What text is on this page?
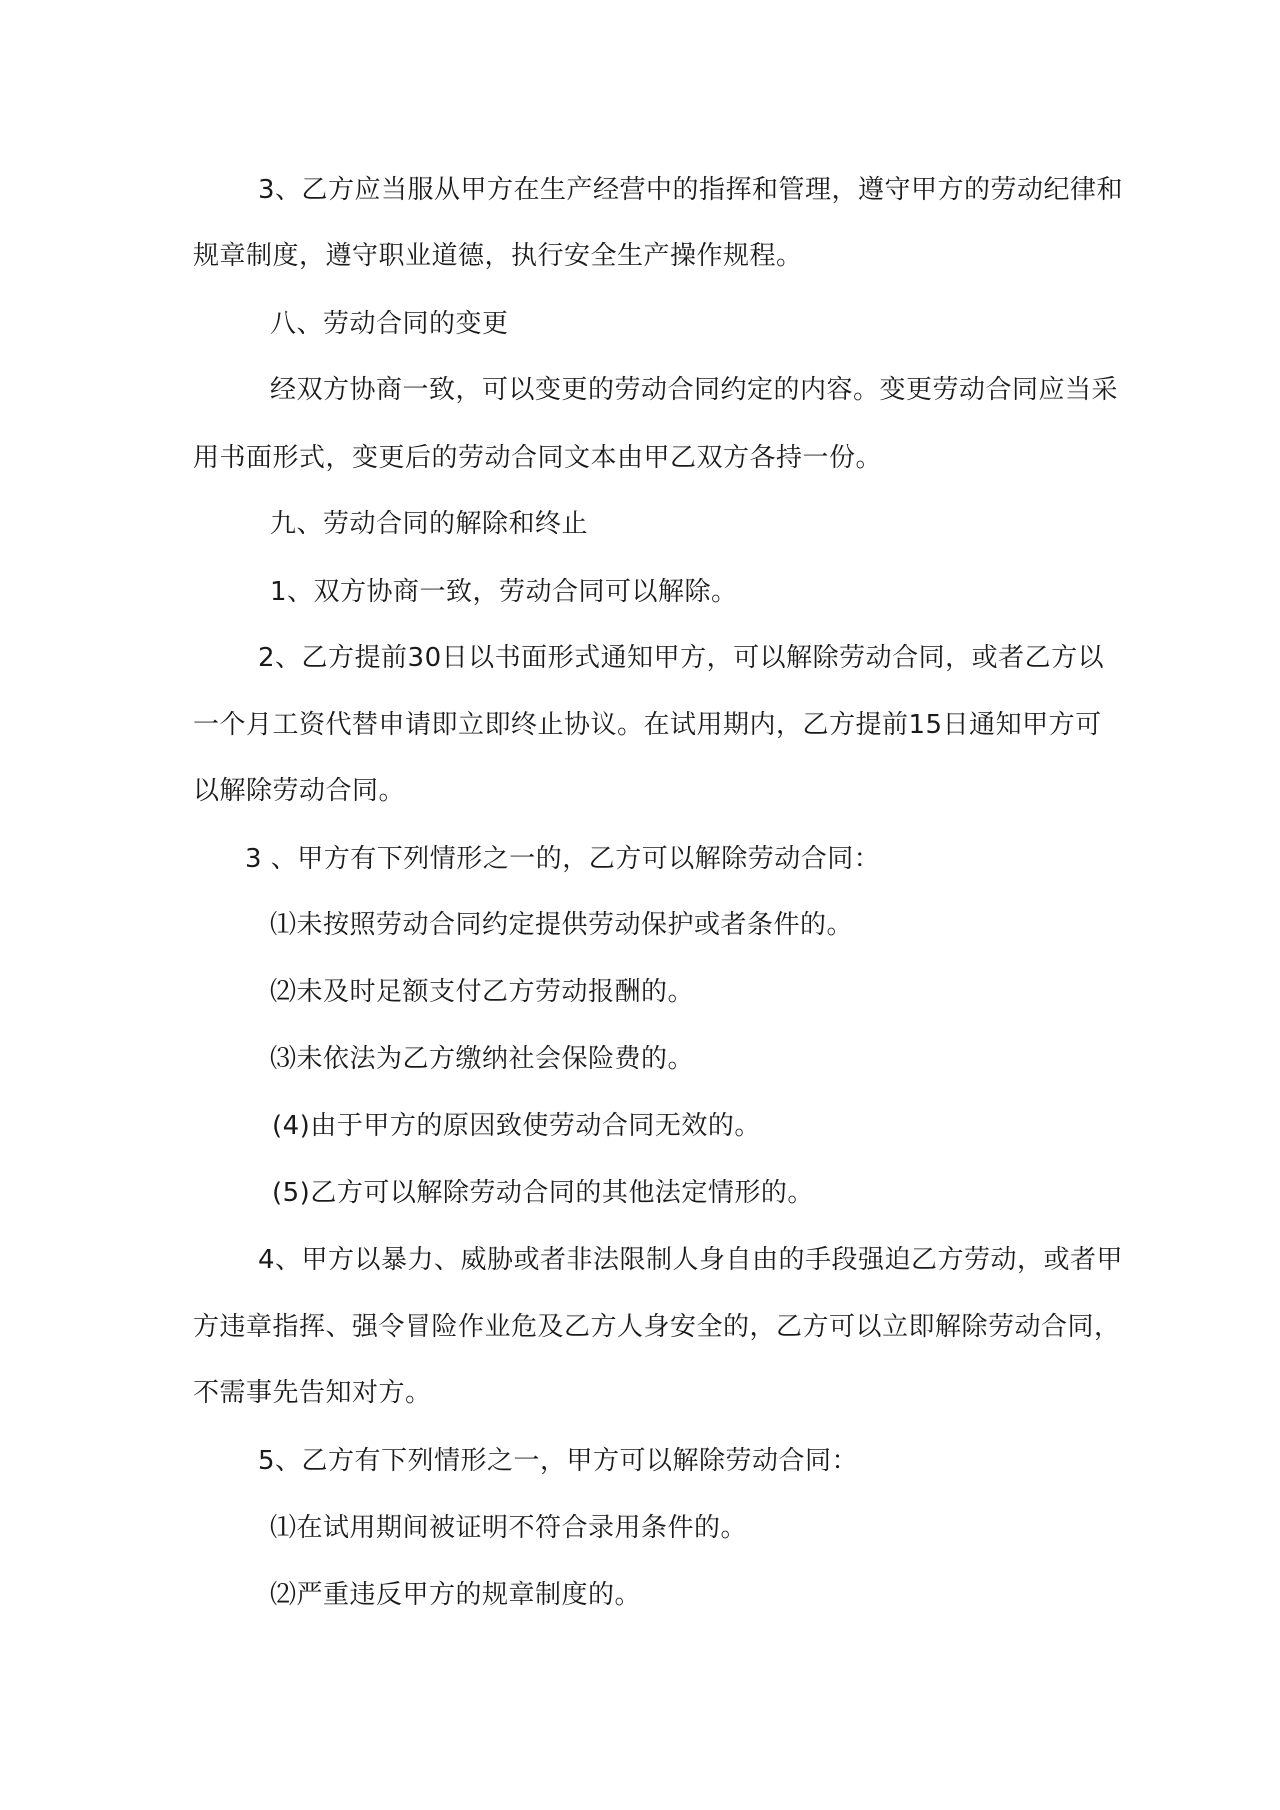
3、乙方应当服从甲方在生产经营中的指挥和管理，遵守甲方的劳动纪律和
规章制度，遵守职业道德，执行安全生产操作规程。
八、劳动合同的变更
经双方协商一致，可以变更的劳动合同约定的内容。变更劳动合同应当采
用书面形式，变更后的劳动合同文本由甲乙双方各持一份。
九、劳动合同的解除和终止
1、双方协商一致，劳动合同可以解除。
2、乙方提前30日以书面形式通知甲方，可以解除劳动合同，或者乙方以
一个月工资代替申请即立即终止协议。在试用期内，乙方提前15日通知甲方可
以解除劳动合同。
3 、甲方有下列情形之一的，乙方可以解除劳动合同：
⑴未按照劳动合同约定提供劳动保护或者条件的。
⑵未及时足额支付乙方劳动报酬的。
⑶未依法为乙方缴纳社会保险费的。
(4)由于甲方的原因致使劳动合同无效的。
(5)乙方可以解除劳动合同的其他法定情形的。
4、甲方以暴力、威胁或者非法限制人身自由的手段强迫乙方劳动，或者甲
方违章指挥、强令冒险作业危及乙方人身安全的，乙方可以立即解除劳动合同，
不需事先告知对方。
5、乙方有下列情形之一，甲方可以解除劳动合同：
⑴在试用期间被证明不符合录用条件的。
⑵严重违反甲方的规章制度的。
